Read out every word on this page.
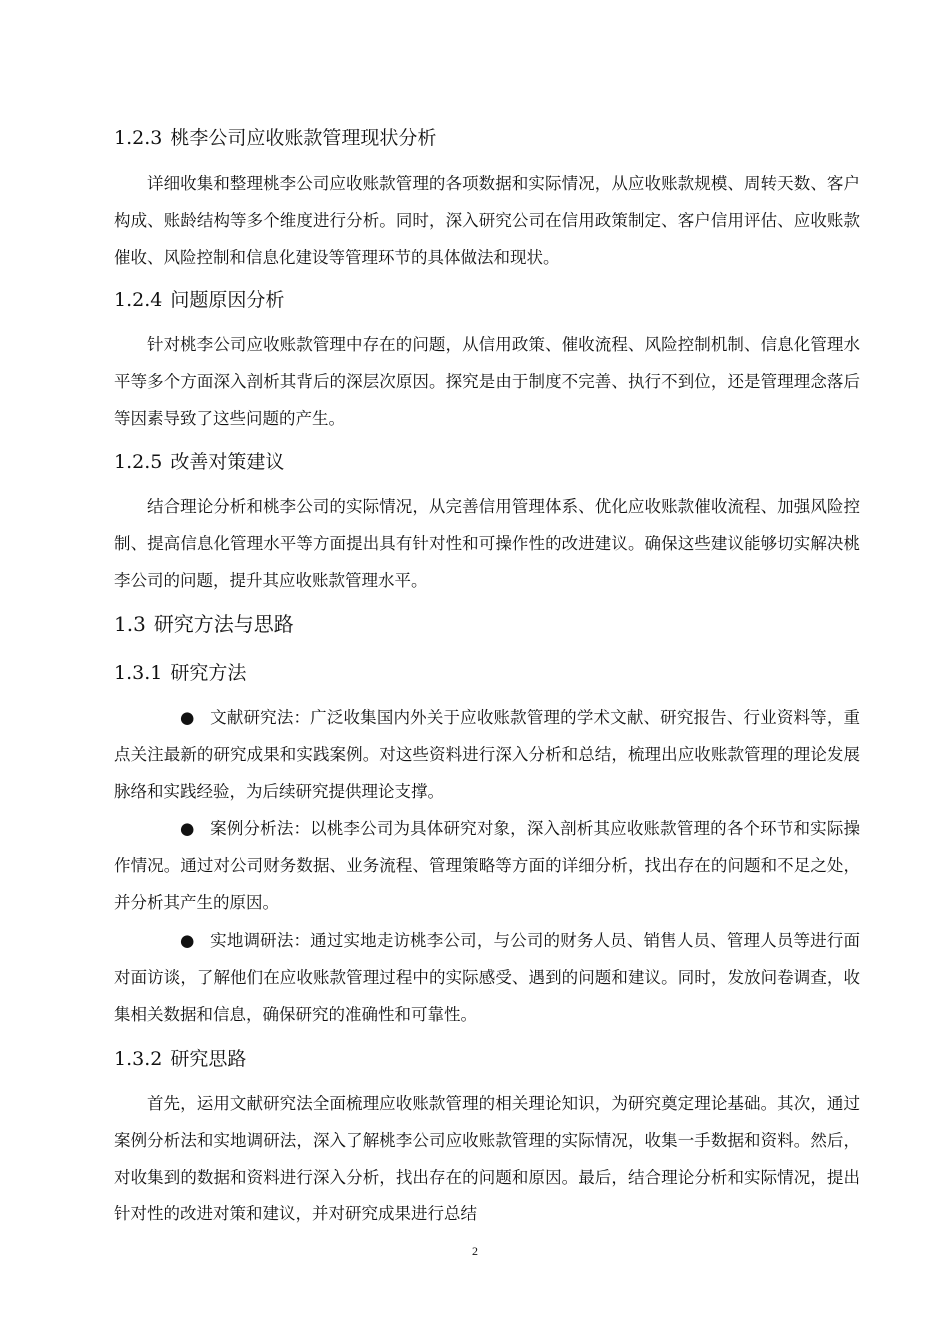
1.2.3 桃李公司应收账款管理现状分析

详细收集和整理桃李公司应收账款管理的各项数据和实际情况，从应收账款规模、周转天数、客户构成、账龄结构等多个维度进行分析。同时，深入研究公司在信用政策制定、客户信用评估、应收账款催收、风险控制和信息化建设等管理环节的具体做法和现状。

1.2.4 问题原因分析

针对桃李公司应收账款管理中存在的问题，从信用政策、催收流程、风险控制机制、信息化管理水平等多个方面深入剖析其背后的深层次原因。探究是由于制度不完善、执行不到位，还是管理理念落后等因素导致了这些问题的产生。

1.2.5 改善对策建议

结合理论分析和桃李公司的实际情况，从完善信用管理体系、优化应收账款催收流程、加强风险控制、提高信息化管理水平等方面提出具有针对性和可操作性的改进建议。确保这些建议能够切实解决桃李公司的问题，提升其应收账款管理水平。

1.3 研究方法与思路
1.3.1 研究方法

● 文献研究法：广泛收集国内外关于应收账款管理的学术文献、研究报告、行业资料等，重点关注最新的研究成果和实践案例。对这些资料进行深入分析和总结，梳理出应收账款管理的理论发展脉络和实践经验，为后续研究提供理论支撑。

● 案例分析法：以桃李公司为具体研究对象，深入剖析其应收账款管理的各个环节和实际操作情况。通过对公司财务数据、业务流程、管理策略等方面的详细分析，找出存在的问题和不足之处，并分析其产生的原因。

● 实地调研法：通过实地走访桃李公司，与公司的财务人员、销售人员、管理人员等进行面对面访谈，了解他们在应收账款管理过程中的实际感受、遇到的问题和建议。同时，发放问卷调查，收集相关数据和信息，确保研究的准确性和可靠性。

1.3.2 研究思路

首先，运用文献研究法全面梳理应收账款管理的相关理论知识，为研究奠定理论基础。其次，通过案例分析法和实地调研法，深入了解桃李公司应收账款管理的实际情况，收集一手数据和资料。然后，对收集到的数据和资料进行深入分析，找出存在的问题和原因。最后，结合理论分析和实际情况，提出针对性的改进对策和建议，并对研究成果进行总结

2
